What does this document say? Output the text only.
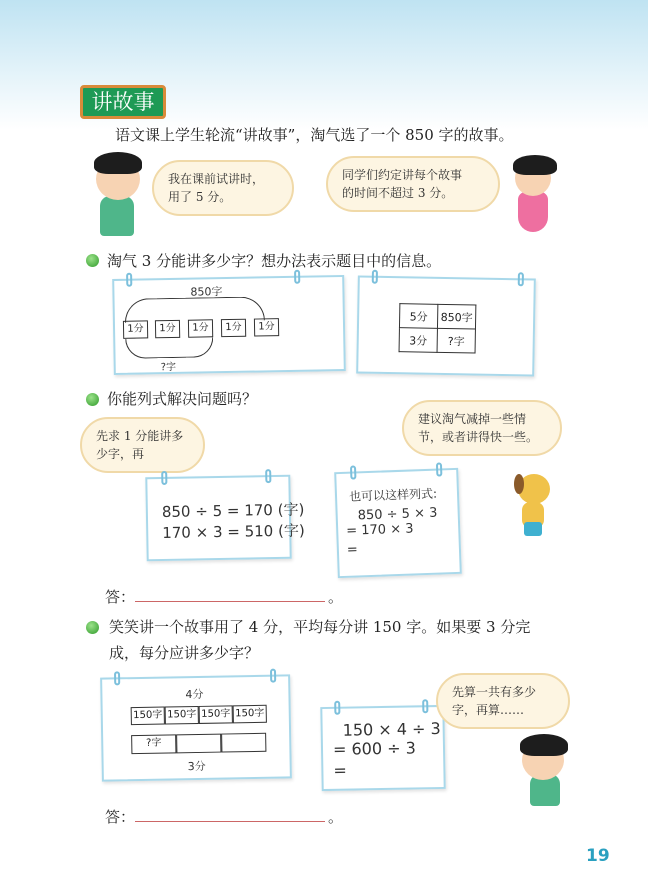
讲故事
语文课上学生轮流“讲故事”，淘气选了一个 850 字的故事。
我在课前试讲时，
用了 5 分。
同学们约定讲每个故事
的时间不超过 3 分。
淘气 3 分能讲多少字？想办法表示题目中的信息。
850字
1分	1分	1分	1分	1分
?字
5分	850字
3分	?字
你能列式解决问题吗？
先求 1 分能讲多
少字，再
建议淘气减掉一些情
节，或者讲得快一些。
850 ÷ 5 = 170 (字)
170 × 3 = 510 (字)
也可以这样列式:
850 ÷ 5 × 3
= 170 × 3
=
答：	。
笑笑讲一个故事用了 4 分，平均每分讲 150 字。如果要 3 分完
成，每分应讲多少字？
4分
150字 150字 150字 150字
?字
3分
150 × 4 ÷ 3
= 600 ÷ 3
=
先算一共有多少
字，再算……
答：	。
19
